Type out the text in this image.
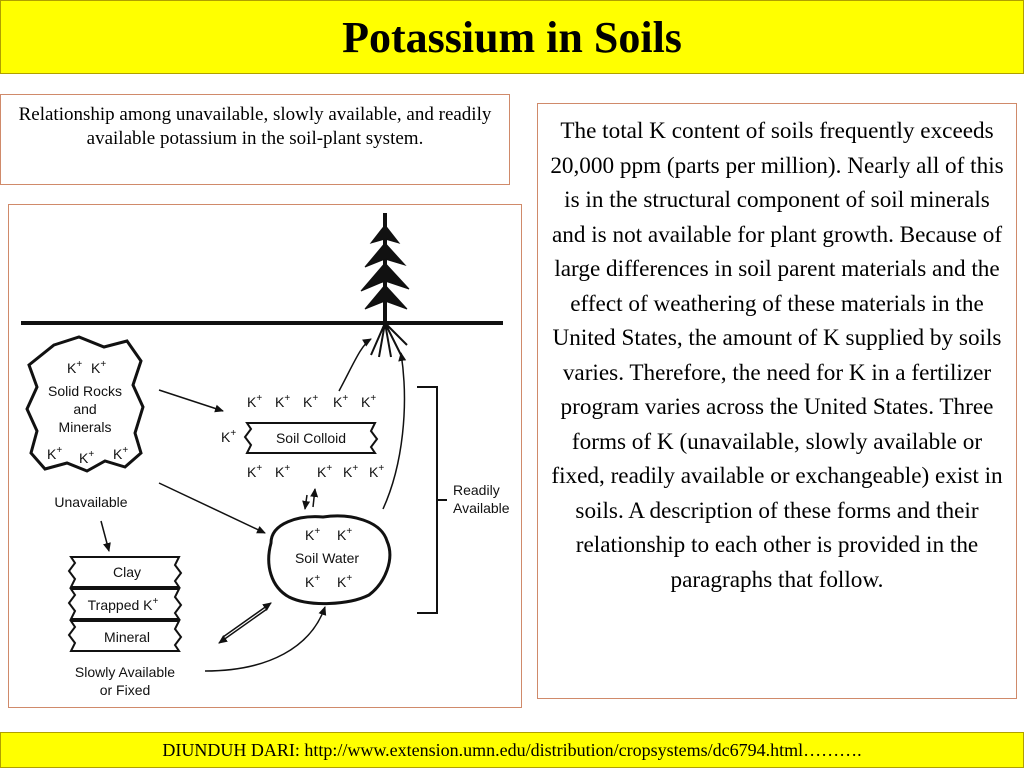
Potassium in Soils
Relationship among unavailable, slowly available, and readily available potassium in the soil-plant system.
K+ K+
Solid Rocks
and
Minerals
K+ K+ K+
Unavailable
K+ K+ K+ K+ K+
K+	Soil Colloid
K+ K+ K+ K+ K+
K+ K+
Soil Water
K+ K+
Readily
Available
Clay
Trapped K+
Mineral
Slowly Available
or Fixed
The total K content of soils frequently exceeds 20,000 ppm (parts per million). Nearly all of this is in the structural component of soil minerals and is not available for plant growth. Because of large differences in soil parent materials and the effect of weathering of these materials in the United States, the amount of K supplied by soils varies. Therefore, the need for K in a fertilizer program varies across the United States. Three forms of K (unavailable, slowly available or fixed, readily available or exchangeable) exist in soils. A description of these forms and their relationship to each other is provided in the paragraphs that follow.
DIUNDUH DARI: http://www.extension.umn.edu/distribution/cropsystems/dc6794.html……….
